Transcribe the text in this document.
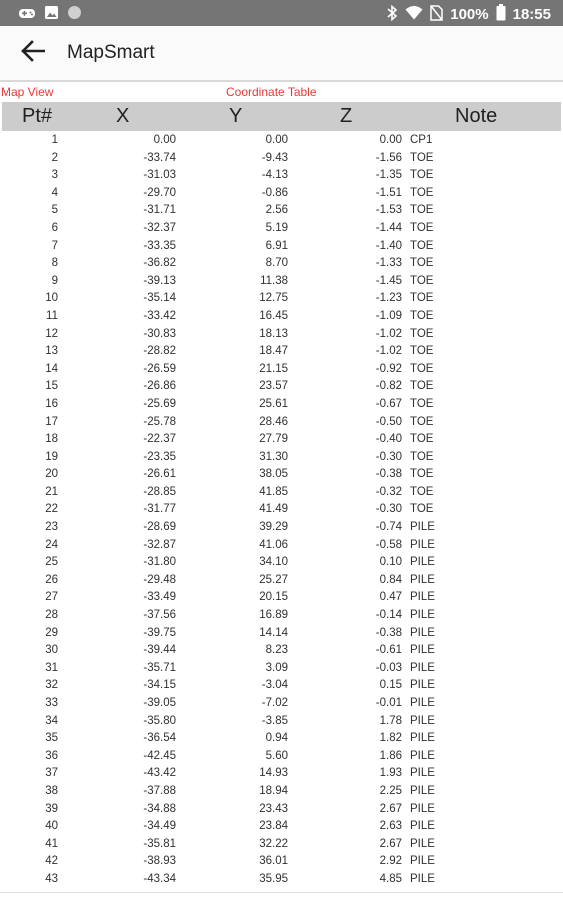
100% 18:55
MapSmart
Map View	Coordinate Table
Pt#	X	Y	Z	Note
1	0.00	0.00	0.00 CP1
2	-33.74	-9.43	-1.56 TOE
3	-31.03	-4.13	-1.35 TOE
4	-29.70	-0.86	-1.51 TOE
5	-31.71	2.56	-1.53 TOE
6	-32.37	5.19	-1.44 TOE
7	-33.35	6.91	-1.40 TOE
8	-36.82	8.70	-1.33 TOE
9	-39.13	11.38	-1.45 TOE
10	-35.14	12.75	-1.23 TOE
11	-33.42	16.45	-1.09 TOE
12	-30.83	18.13	-1.02 TOE
13	-28.82	18.47	-1.02 TOE
14	-26.59	21.15	-0.92 TOE
15	-26.86	23.57	-0.82 TOE
16	-25.69	25.61	-0.67 TOE
17	-25.78	28.46	-0.50 TOE
18	-22.37	27.79	-0.40 TOE
19	-23.35	31.30	-0.30 TOE
20	-26.61	38.05	-0.38 TOE
21	-28.85	41.85	-0.32 TOE
22	-31.77	41.49	-0.30 TOE
23	-28.69	39.29	-0.74 PILE
24	-32.87	41.06	-0.58 PILE
25	-31.80	34.10	0.10 PILE
26	-29.48	25.27	0.84 PILE
27	-33.49	20.15	0.47 PILE
28	-37.56	16.89	-0.14 PILE
29	-39.75	14.14	-0.38 PILE
30	-39.44	8.23	-0.61 PILE
31	-35.71	3.09	-0.03 PILE
32	-34.15	-3.04	0.15 PILE
33	-39.05	-7.02	-0.01 PILE
34	-35.80	-3.85	1.78 PILE
35	-36.54	0.94	1.82 PILE
36	-42.45	5.60	1.86 PILE
37	-43.42	14.93	1.93 PILE
38	-37.88	18.94	2.25 PILE
39	-34.88	23.43	2.67 PILE
40	-34.49	23.84	2.63 PILE
41	-35.81	32.22	2.67 PILE
42	-38.93	36.01	2.92 PILE
43	-43.34	35.95	4.85 PILE
